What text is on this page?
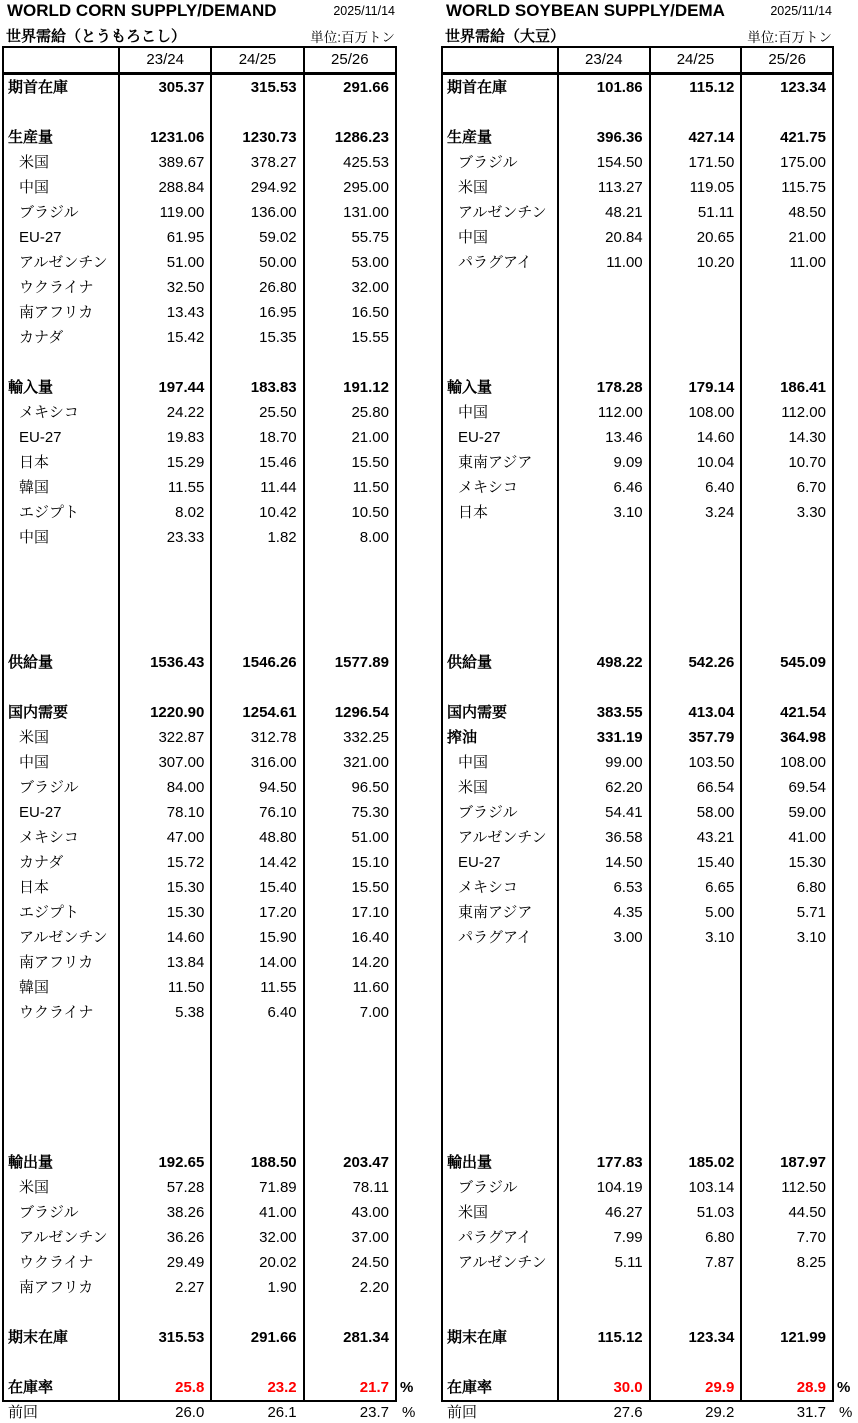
WORLD CORN SUPPLY/DEMAND	2025/11/14
世界需給（とうもろこし）	単位:百万トン
23/24	24/25	25/26
期首在庫	305.37	315.53	291.66
生産量	1231.06	1230.73	1286.23
米国	389.67	378.27	425.53
中国	288.84	294.92	295.00
ブラジル	119.00	136.00	131.00
EU-27	61.95	59.02	55.75
アルゼンチン	51.00	50.00	53.00
ウクライナ	32.50	26.80	32.00
南アフリカ	13.43	16.95	16.50
カナダ	15.42	15.35	15.55
輸入量	197.44	183.83	191.12
メキシコ	24.22	25.50	25.80
EU-27	19.83	18.70	21.00
日本	15.29	15.46	15.50
韓国	11.55	11.44	11.50
エジプト	8.02	10.42	10.50
中国	23.33	1.82	8.00
供給量	1536.43	1546.26	1577.89
国内需要	1220.90	1254.61	1296.54
米国	322.87	312.78	332.25
中国	307.00	316.00	321.00
ブラジル	84.00	94.50	96.50
EU-27	78.10	76.10	75.30
メキシコ	47.00	48.80	51.00
カナダ	15.72	14.42	15.10
日本	15.30	15.40	15.50
エジプト	15.30	17.20	17.10
アルゼンチン	14.60	15.90	16.40
南アフリカ	13.84	14.00	14.20
韓国	11.50	11.55	11.60
ウクライナ	5.38	6.40	7.00
輸出量	192.65	188.50	203.47
米国	57.28	71.89	78.11
ブラジル	38.26	41.00	43.00
アルゼンチン	36.26	32.00	37.00
ウクライナ	29.49	20.02	24.50
南アフリカ	2.27	1.90	2.20
期末在庫	315.53	291.66	281.34
在庫率	25.8	23.2	21.7 %
前回	26.0	26.1	23.7 %
WORLD SOYBEAN SUPPLY/DEMA	2025/11/14
世界需給（大豆）	単位:百万トン
23/24	24/25	25/26
期首在庫	101.86	115.12	123.34
生産量	396.36	427.14	421.75
ブラジル	154.50	171.50	175.00
米国	113.27	119.05	115.75
アルゼンチン	48.21	51.11	48.50
中国	20.84	20.65	21.00
パラグアイ	11.00	10.20	11.00
輸入量	178.28	179.14	186.41
中国	112.00	108.00	112.00
EU-27	13.46	14.60	14.30
東南アジア	9.09	10.04	10.70
メキシコ	6.46	6.40	6.70
日本	3.10	3.24	3.30
供給量	498.22	542.26	545.09
国内需要	383.55	413.04	421.54
搾油	331.19	357.79	364.98
中国	99.00	103.50	108.00
米国	62.20	66.54	69.54
ブラジル	54.41	58.00	59.00
アルゼンチン	36.58	43.21	41.00
EU-27	14.50	15.40	15.30
メキシコ	6.53	6.65	6.80
東南アジア	4.35	5.00	5.71
パラグアイ	3.00	3.10	3.10
輸出量	177.83	185.02	187.97
ブラジル	104.19	103.14	112.50
米国	46.27	51.03	44.50
パラグアイ	7.99	6.80	7.70
アルゼンチン	5.11	7.87	8.25
期末在庫	115.12	123.34	121.99
在庫率	30.0	29.9	28.9 %
前回	27.6	29.2	31.7 %
